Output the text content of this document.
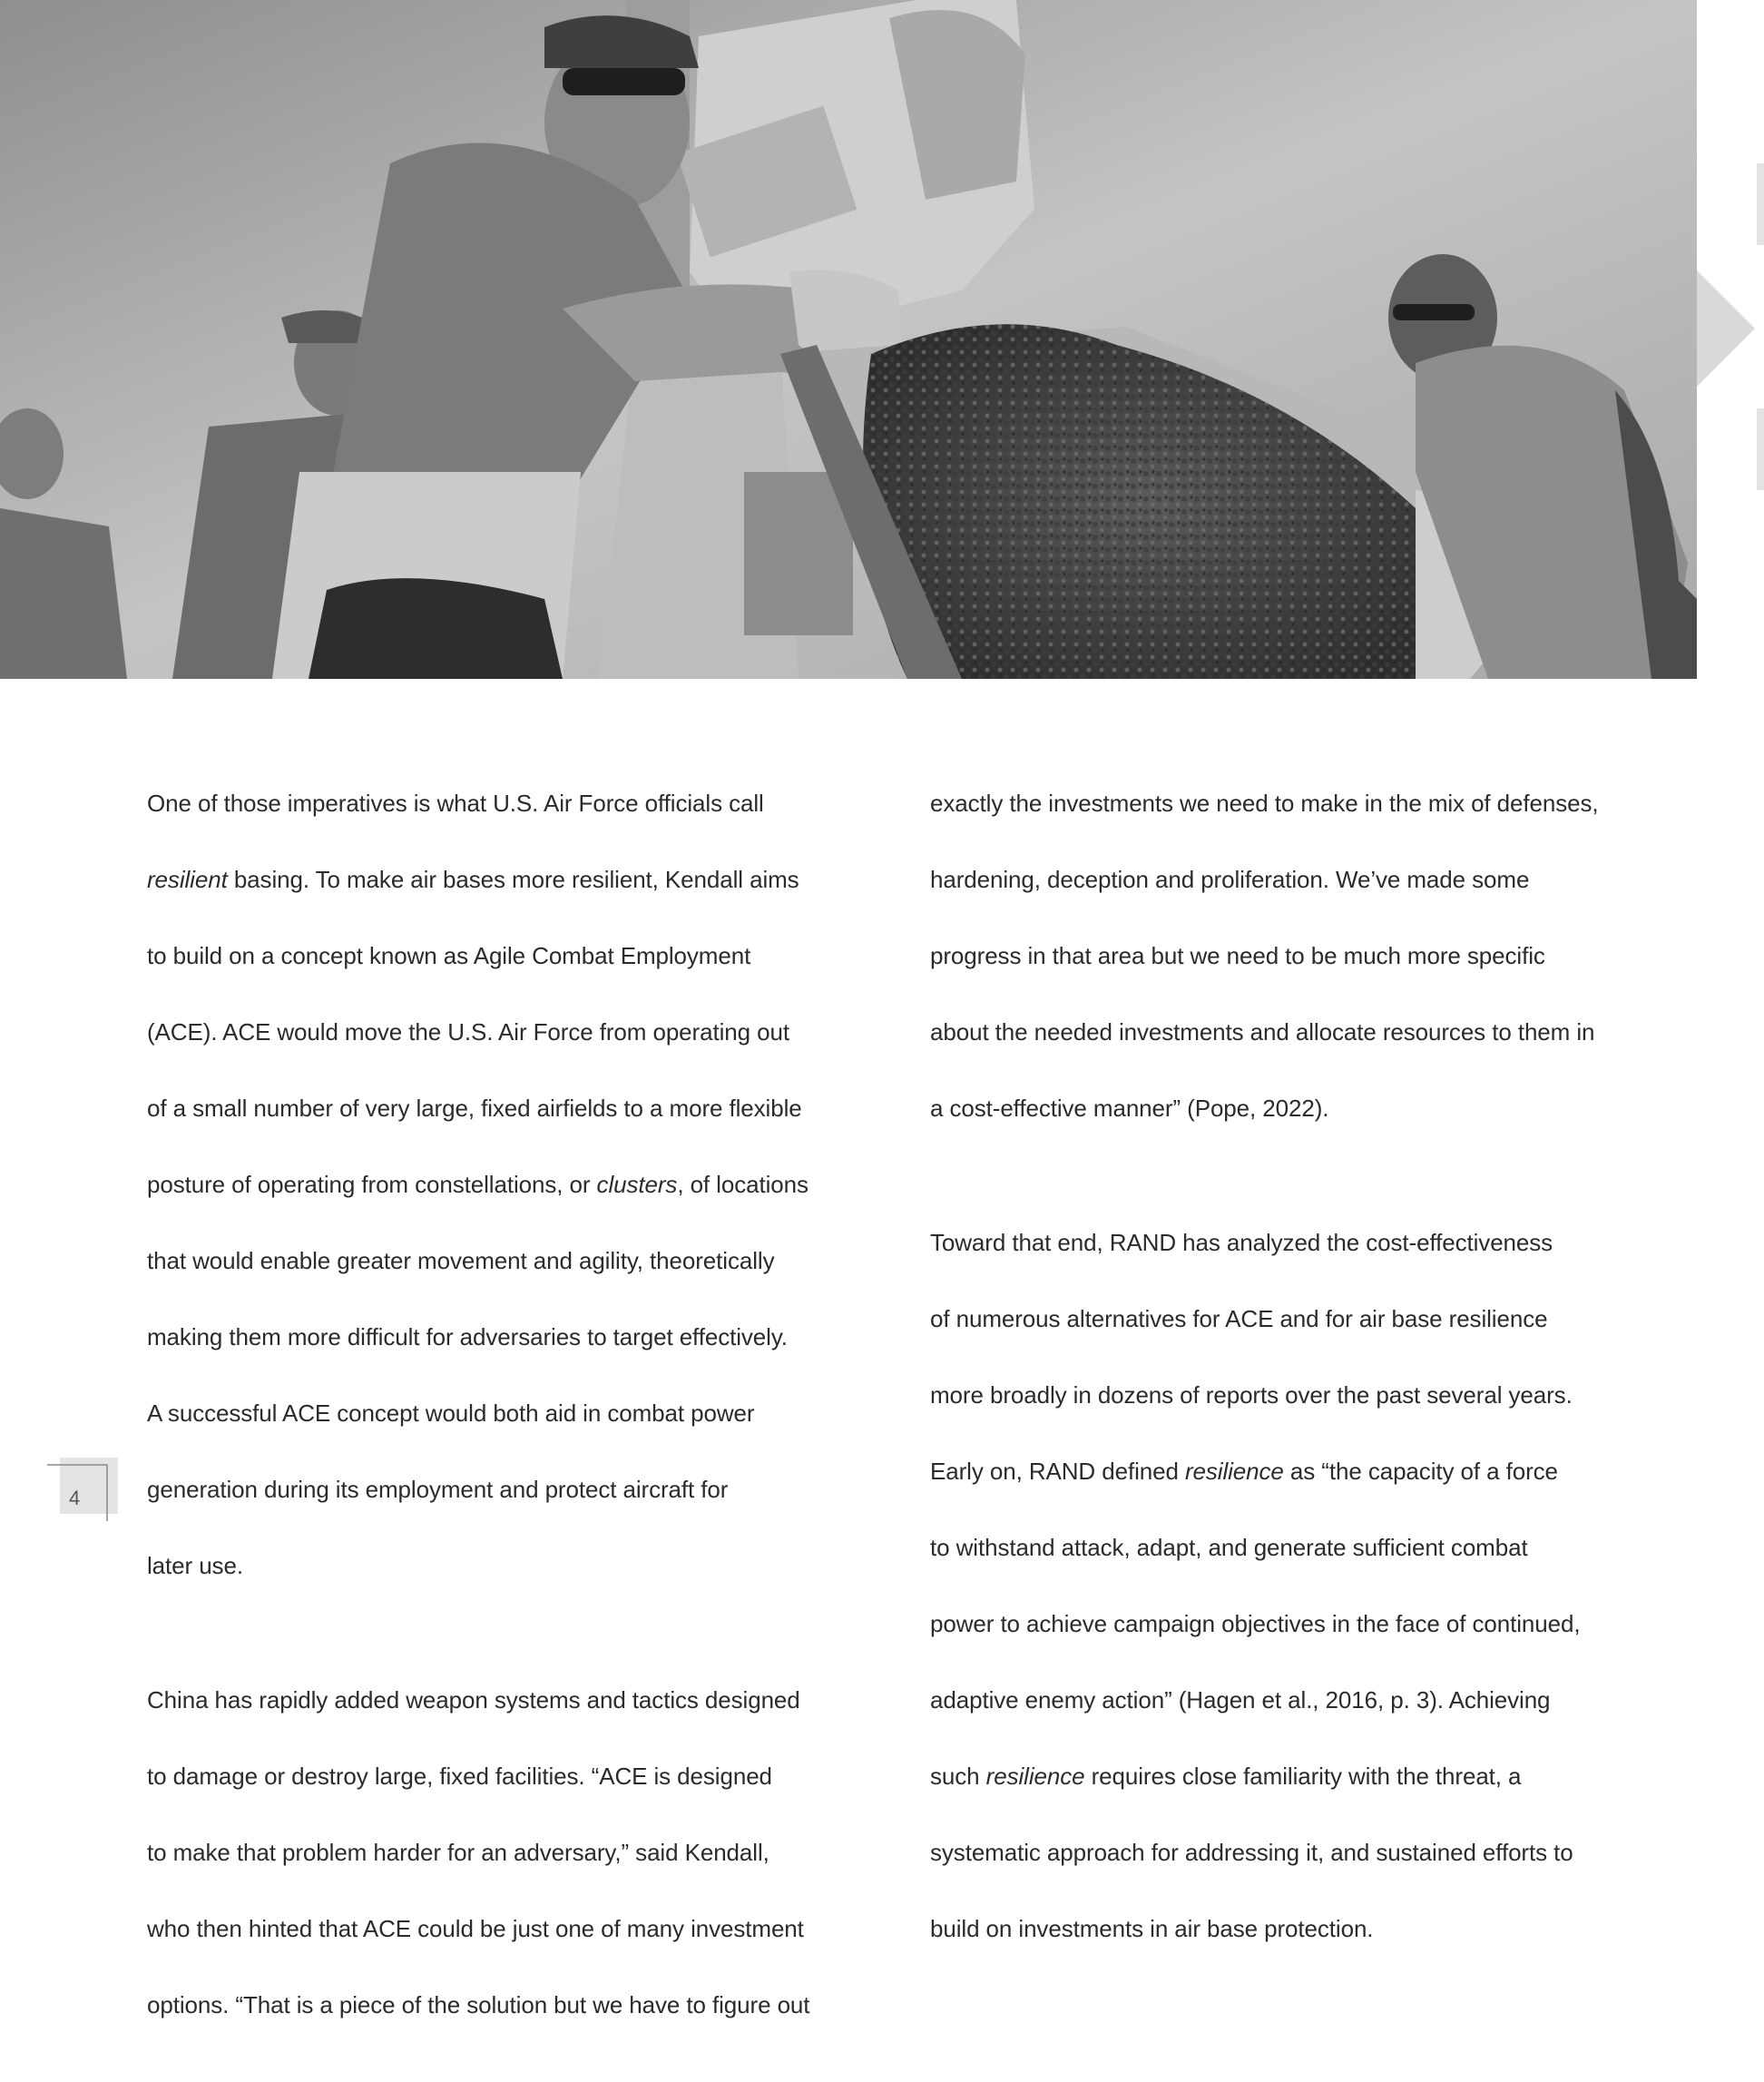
One of those imperatives is what U.S. Air Force officials call

resilient basing. To make air bases more resilient, Kendall aims

to build on a concept known as Agile Combat Employment

(ACE). ACE would move the U.S. Air Force from operating out

of a small number of very large, fixed airfields to a more flexible

posture of operating from constellations, or clusters, of locations

that would enable greater movement and agility, theoretically

making them more difficult for adversaries to target effectively.

A successful ACE concept would both aid in combat power

generation during its employment and protect aircraft for

later use.

China has rapidly added weapon systems and tactics designed

to damage or destroy large, fixed facilities. “ACE is designed

to make that problem harder for an adversary,” said Kendall,

who then hinted that ACE could be just one of many investment

options. “That is a piece of the solution but we have to figure out

exactly the investments we need to make in the mix of defenses,

hardening, deception and proliferation. We’ve made some

progress in that area but we need to be much more specific

about the needed investments and allocate resources to them in

a cost-effective manner” (Pope, 2022).

Toward that end, RAND has analyzed the cost-effectiveness

of numerous alternatives for ACE and for air base resilience

more broadly in dozens of reports over the past several years.

Early on, RAND defined resilience as “the capacity of a force

to withstand attack, adapt, and generate sufficient combat

power to achieve campaign objectives in the face of continued,

adaptive enemy action” (Hagen et al., 2016, p. 3). Achieving

such resilience requires close familiarity with the threat, a

systematic approach for addressing it, and sustained efforts to

build on investments in air base protection.

4
